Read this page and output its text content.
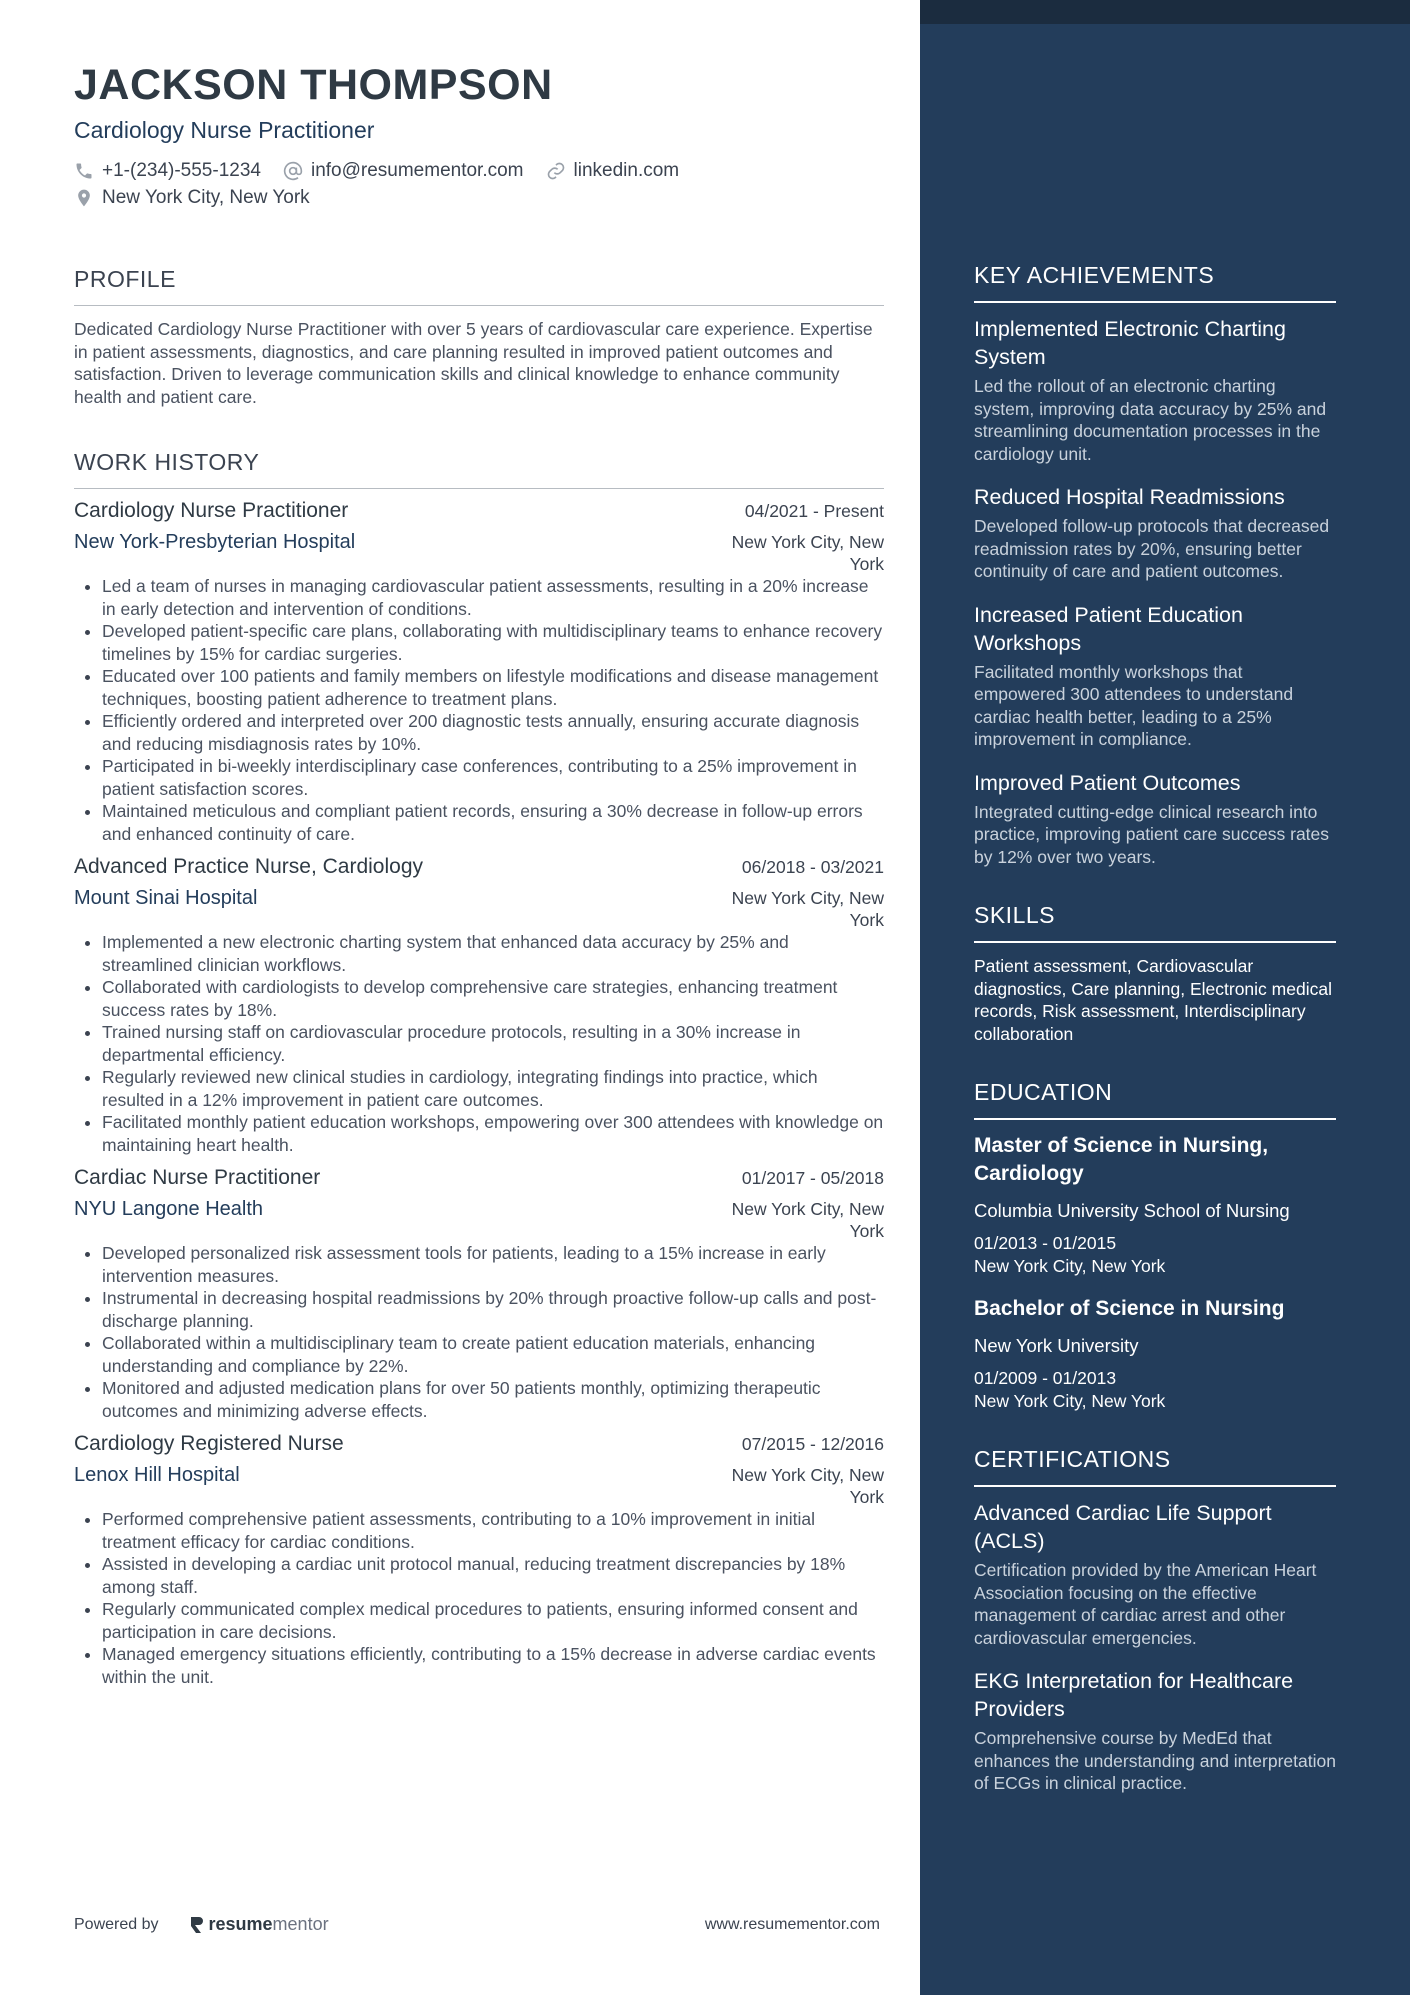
JACKSON THOMPSON
Cardiology Nurse Practitioner
+1-(234)-555-1234	info@resumementor.com	linkedin.com
New York City, New York
PROFILE
Dedicated Cardiology Nurse Practitioner with over 5 years of cardiovascular care experience. Expertise in patient assessments, diagnostics, and care planning resulted in improved patient outcomes and satisfaction. Driven to leverage communication skills and clinical knowledge to enhance community health and patient care.
WORK HISTORY
Cardiology Nurse Practitioner	04/2021 - Present
New York-Presbyterian Hospital	New York City, New York
• Led a team of nurses in managing cardiovascular patient assessments, resulting in a 20% increase in early detection and intervention of conditions.
• Developed patient-specific care plans, collaborating with multidisciplinary teams to enhance recovery timelines by 15% for cardiac surgeries.
• Educated over 100 patients and family members on lifestyle modifications and disease management techniques, boosting patient adherence to treatment plans.
• Efficiently ordered and interpreted over 200 diagnostic tests annually, ensuring accurate diagnosis and reducing misdiagnosis rates by 10%.
• Participated in bi-weekly interdisciplinary case conferences, contributing to a 25% improvement in patient satisfaction scores.
• Maintained meticulous and compliant patient records, ensuring a 30% decrease in follow-up errors and enhanced continuity of care.
Advanced Practice Nurse, Cardiology	06/2018 - 03/2021
Mount Sinai Hospital	New York City, New York
• Implemented a new electronic charting system that enhanced data accuracy by 25% and streamlined clinician workflows.
• Collaborated with cardiologists to develop comprehensive care strategies, enhancing treatment success rates by 18%.
• Trained nursing staff on cardiovascular procedure protocols, resulting in a 30% increase in departmental efficiency.
• Regularly reviewed new clinical studies in cardiology, integrating findings into practice, which resulted in a 12% improvement in patient care outcomes.
• Facilitated monthly patient education workshops, empowering over 300 attendees with knowledge on maintaining heart health.
Cardiac Nurse Practitioner	01/2017 - 05/2018
NYU Langone Health	New York City, New York
• Developed personalized risk assessment tools for patients, leading to a 15% increase in early intervention measures.
• Instrumental in decreasing hospital readmissions by 20% through proactive follow-up calls and post-discharge planning.
• Collaborated within a multidisciplinary team to create patient education materials, enhancing understanding and compliance by 22%.
• Monitored and adjusted medication plans for over 50 patients monthly, optimizing therapeutic outcomes and minimizing adverse effects.
Cardiology Registered Nurse	07/2015 - 12/2016
Lenox Hill Hospital	New York City, New York
• Performed comprehensive patient assessments, contributing to a 10% improvement in initial treatment efficacy for cardiac conditions.
• Assisted in developing a cardiac unit protocol manual, reducing treatment discrepancies by 18% among staff.
• Regularly communicated complex medical procedures to patients, ensuring informed consent and participation in care decisions.
• Managed emergency situations efficiently, contributing to a 15% decrease in adverse cardiac events within the unit.
Powered by	resume mentor	www.resumementor.com
KEY ACHIEVEMENTS
Implemented Electronic Charting System
Led the rollout of an electronic charting system, improving data accuracy by 25% and streamlining documentation processes in the cardiology unit.
Reduced Hospital Readmissions
Developed follow-up protocols that decreased readmission rates by 20%, ensuring better continuity of care and patient outcomes.
Increased Patient Education Workshops
Facilitated monthly workshops that empowered 300 attendees to understand cardiac health better, leading to a 25% improvement in compliance.
Improved Patient Outcomes
Integrated cutting-edge clinical research into practice, improving patient care success rates by 12% over two years.
SKILLS
Patient assessment, Cardiovascular diagnostics, Care planning, Electronic medical records, Risk assessment, Interdisciplinary collaboration
EDUCATION
Master of Science in Nursing, Cardiology
Columbia University School of Nursing
01/2013 - 01/2015
New York City, New York
Bachelor of Science in Nursing
New York University
01/2009 - 01/2013
New York City, New York
CERTIFICATIONS
Advanced Cardiac Life Support (ACLS)
Certification provided by the American Heart Association focusing on the effective management of cardiac arrest and other cardiovascular emergencies.
EKG Interpretation for Healthcare Providers
Comprehensive course by MedEd that enhances the understanding and interpretation of ECGs in clinical practice.
